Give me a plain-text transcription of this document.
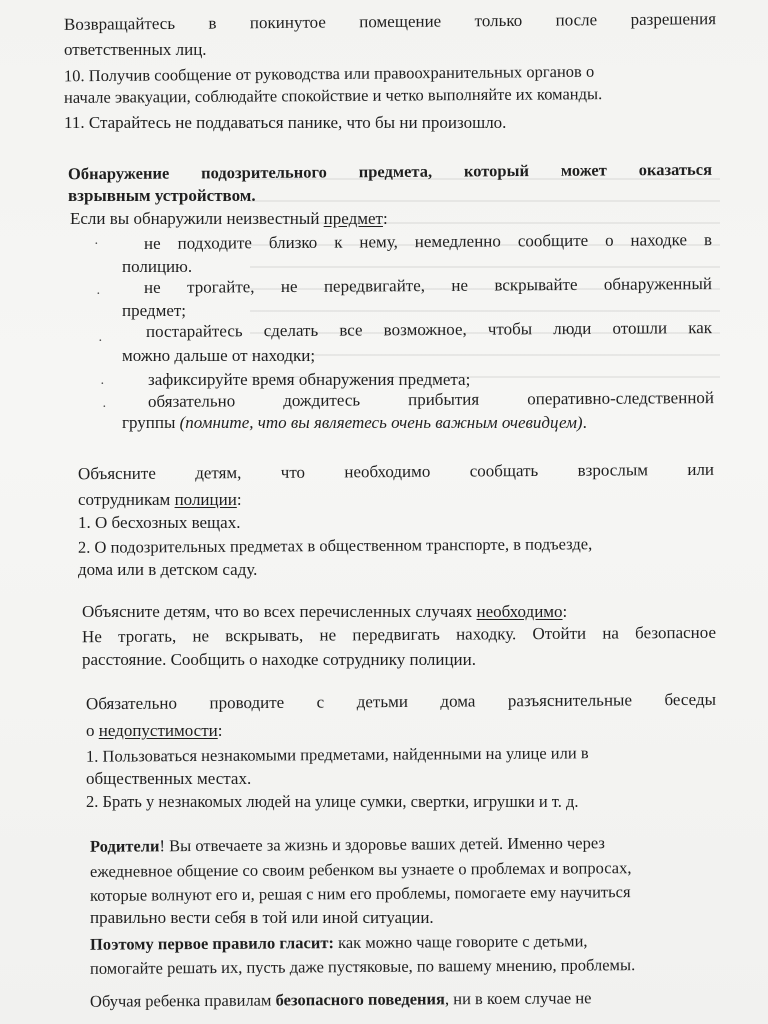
Возвращайтесь в покинутое помещение только после разрешения
ответственных лиц.
10. Получив сообщение от руководства или правоохранительных органов о
начале эвакуации, соблюдайте спокойствие и четко выполняйте их команды.
11. Старайтесь не поддаваться панике, что бы ни произошло.
Обнаружение подозрительного предмета, который может оказаться
взрывным устройством.
Если вы обнаружили неизвестный предмет:
·	не подходите близко к нему, немедленно сообщите о находке в
полицию.
·	не трогайте, не передвигайте, не вскрывайте обнаруженный
предмет;
·
постарайтесь сделать все возможное, чтобы люди отошли как
можно дальше от находки;
·	зафиксируйте время обнаружения предмета;
· обязательно дождитесь прибытия оперативно-следственной
группы (помните, что вы являетесь очень важным очевидцем).
Объясните детям, что необходимо сообщать взрослым или
сотрудникам полиции:
1. О бесхозных вещах.
2. О подозрительных предметах в общественном транспорте, в подъезде,
дома или в детском саду.
Объясните детям, что во всех перечисленных случаях необходимо:
Не трогать, не вскрывать, не передвигать находку. Отойти на безопасное
расстояние. Сообщить о находке сотруднику полиции.
Обязательно проводите с детьми дома разъяснительные беседы
о недопустимости:
1. Пользоваться незнакомыми предметами, найденными на улице или в
общественных местах.
2. Брать у незнакомых людей на улице сумки, свертки, игрушки и т. д.
Родители! Вы отвечаете за жизнь и здоровье ваших детей. Именно через
ежедневное общение со своим ребенком вы узнаете о проблемах и вопросах,
которые волнуют его и, решая с ним его проблемы, помогаете ему научиться
правильно вести себя в той или иной ситуации.
Поэтому первое правило гласит: как можно чаще говорите с детьми,
помогайте решать их, пусть даже пустяковые, по вашему мнению, проблемы.
Обучая ребенка правилам безопасного поведения, ни в коем случае не
